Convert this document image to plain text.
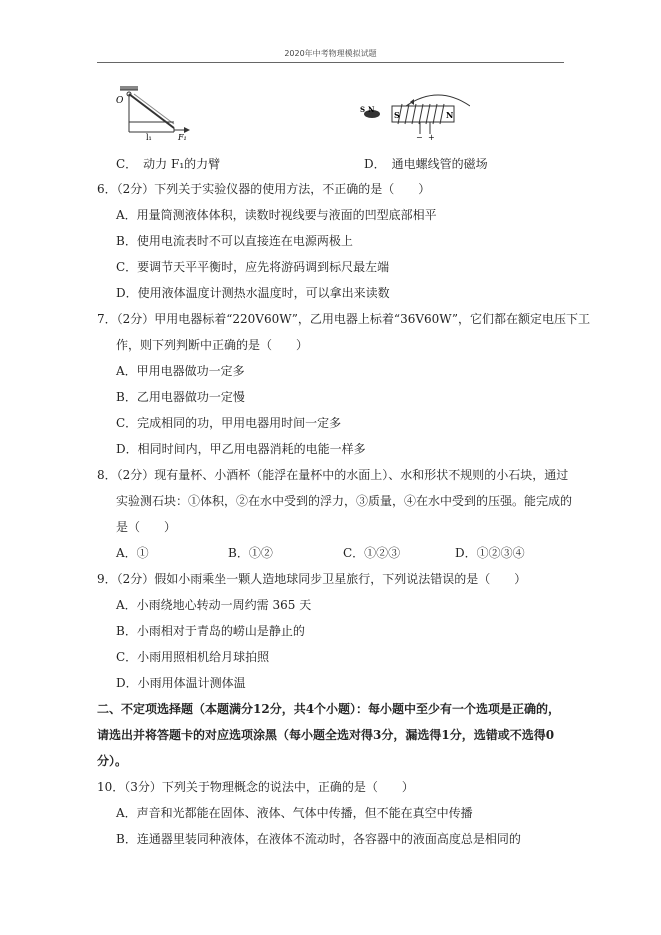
2020年中考物理模拟试题
O
l₁	F₁
S N
S	N
− +
C．　动力 F₁的力臂	D．　通电螺线管的磁场
6．（2分）下列关于实验仪器的使用方法，不正确的是（　　）
A．用量筒测液体体积，读数时视线要与液面的凹型底部相平
B．使用电流表时不可以直接连在电源两极上
C．要调节天平平衡时，应先将游码调到标尺最左端
D．使用液体温度计测热水温度时，可以拿出来读数
7．（2分）甲用电器标着“220V60W”，乙用电器上标着“36V60W”，它们都在额定电压下工
作，则下列判断中正确的是（　　）
A．甲用电器做功一定多
B．乙用电器做功一定慢
C．完成相同的功，甲用电器用时间一定多
D．相同时间内，甲乙用电器消耗的电能一样多
8．（2分）现有量杯、小酒杯（能浮在量杯中的水面上）、水和形状不规则的小石块，通过
实验测石块：①体积，②在水中受到的浮力，③质量，④在水中受到的压强。能完成的
是（　　）
A．①	B．①②	C．①②③	D．①②③④
9．（2分）假如小雨乘坐一颗人造地球同步卫星旅行，下列说法错误的是（　　）
A．小雨绕地心转动一周约需 365 天
B．小雨相对于青岛的崂山是静止的
C．小雨用照相机给月球拍照
D．小雨用体温计测体温
二、不定项选择题（本题满分12分，共4个小题）：每小题中至少有一个选项是正确的，
请选出并将答题卡的对应选项涂黑（每小题全选对得3分，漏选得1分，选错或不选得0
分）。
10．（3分）下列关于物理概念的说法中，正确的是（　　）
A．声音和光都能在固体、液体、气体中传播，但不能在真空中传播
B．连通器里装同种液体，在液体不流动时，各容器中的液面高度总是相同的
